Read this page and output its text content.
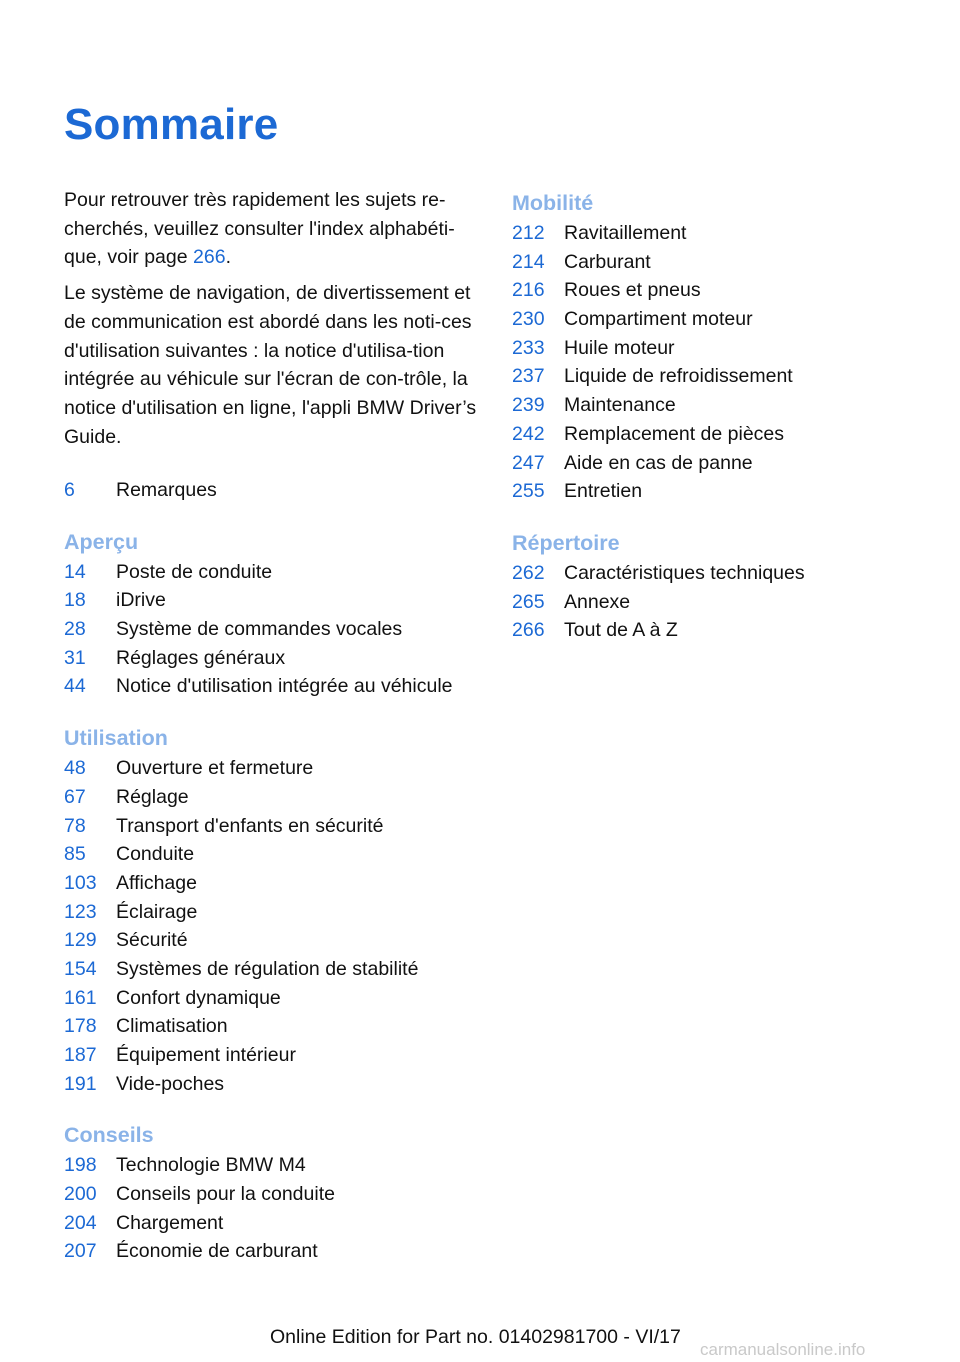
Sommaire

Pour retrouver très rapidement les sujets re-cherchés, veuillez consulter l'index alphabéti-que, voir page 266.

Le système de navigation, de divertissement et de communication est abordé dans les noti-ces d'utilisation suivantes : la notice d'utilisa-tion intégrée au véhicule sur l'écran de con-trôle, la notice d'utilisation en ligne, l'appli BMW Driver’s Guide.

6	Remarques
Aperçu
14	Poste de conduite
18	iDrive
28	Système de commandes vocales
31	Réglages généraux
44	Notice d'utilisation intégrée au véhicule
Utilisation
48	Ouverture et fermeture
67	Réglage
78	Transport d'enfants en sécurité
85	Conduite
103 Affichage
123 Éclairage
129 Sécurité
154 Systèmes de régulation de stabilité
161 Confort dynamique
178 Climatisation
187 Équipement intérieur
191 Vide-poches
Conseils
198 Technologie BMW M4
200 Conseils pour la conduite
204 Chargement
207 Économie de carburant
Mobilité
212 Ravitaillement
214 Carburant
216 Roues et pneus
230 Compartiment moteur
233 Huile moteur
237 Liquide de refroidissement
239 Maintenance
242 Remplacement de pièces
247 Aide en cas de panne
255 Entretien
Répertoire
262 Caractéristiques techniques
265 Annexe
266 Tout de A à Z
Online Edition for Part no. 01402981700 - VI/17
carmanualsonline.info
